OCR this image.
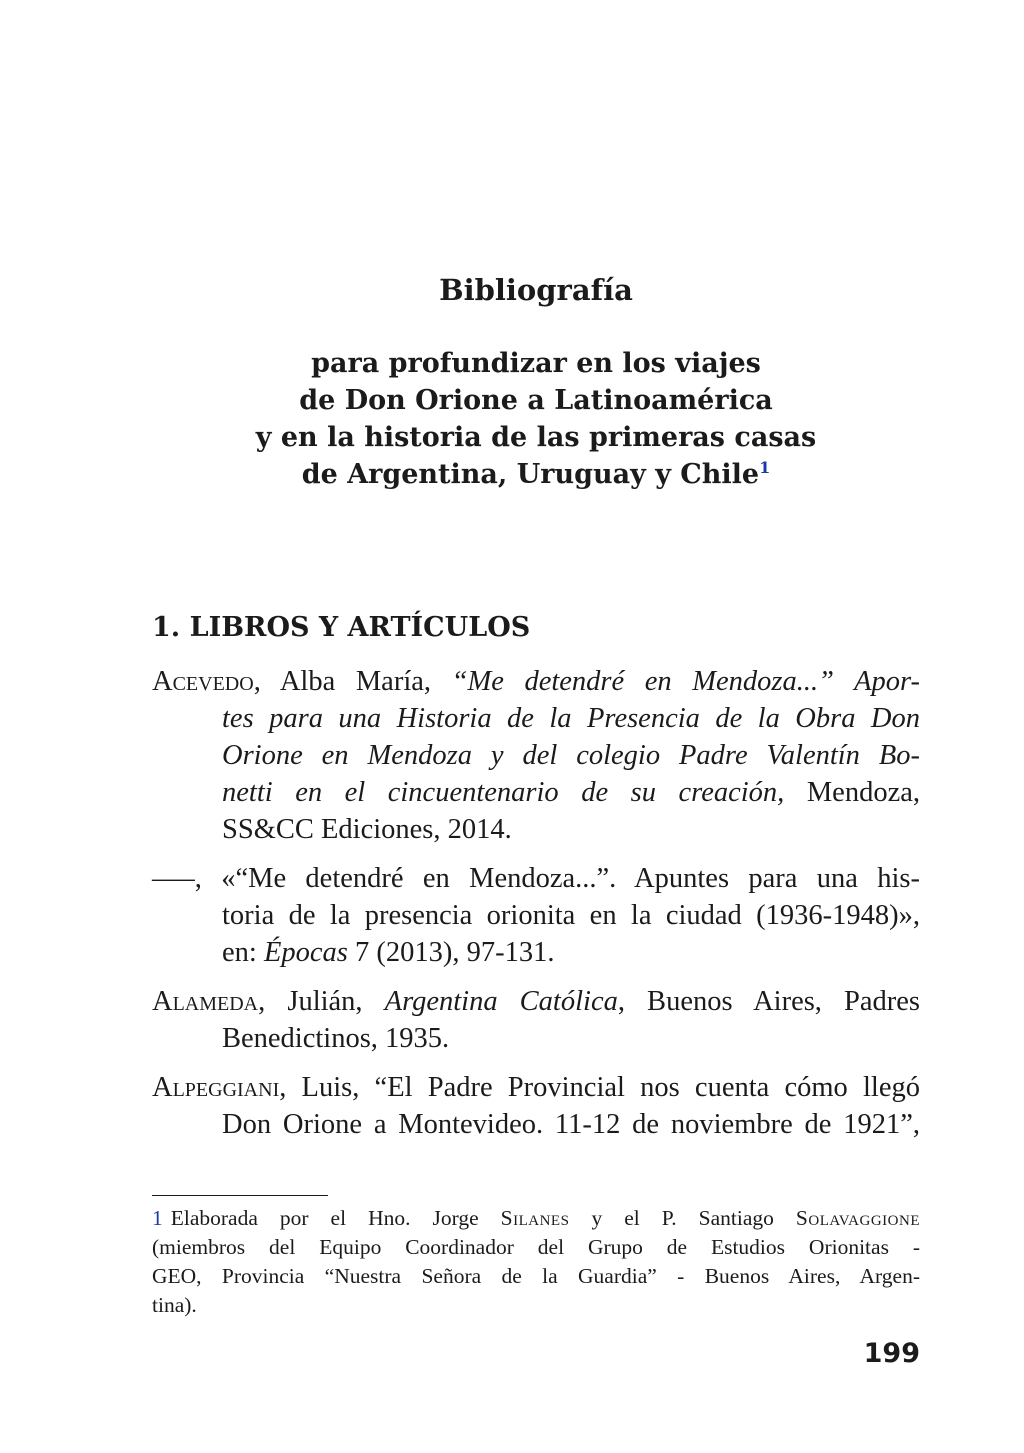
Bibliografía
para profundizar en los viajes
de Don Orione a Latinoamérica
y en la historia de las primeras casas
de Argentina, Uruguay y Chile$^1$
1. LIBROS Y ARTÍCULOS
Acevedo, Alba María, “Me detendré en Mendoza...” Apor-
tes para una Historia de la Presencia de la Obra Don
Orione en Mendoza y del colegio Padre Valentín Bo-
netti en el cincuentenario de su creación, Mendoza,
SS&CC Ediciones, 2014.
–––, «“Me detendré en Mendoza...”. Apuntes para una his-
toria de la presencia orionita en la ciudad (1936-1948)»,
en: Épocas 7 (2013), 97-131.
Alameda, Julián, Argentina Católica, Buenos Aires, Padres
Benedictinos, 1935.
Alpeggiani, Luis, “El Padre Provincial nos cuenta cómo llegó
Don Orione a Montevideo. 11-12 de noviembre de 1921”,
1 Elaborada por el Hno. Jorge Silanes y el P. Santiago Solavaggione
(miembros del Equipo Coordinador del Grupo de Estudios Orionitas -
GEO, Provincia “Nuestra Señora de la Guardia” - Buenos Aires, Argen-
tina).
199
